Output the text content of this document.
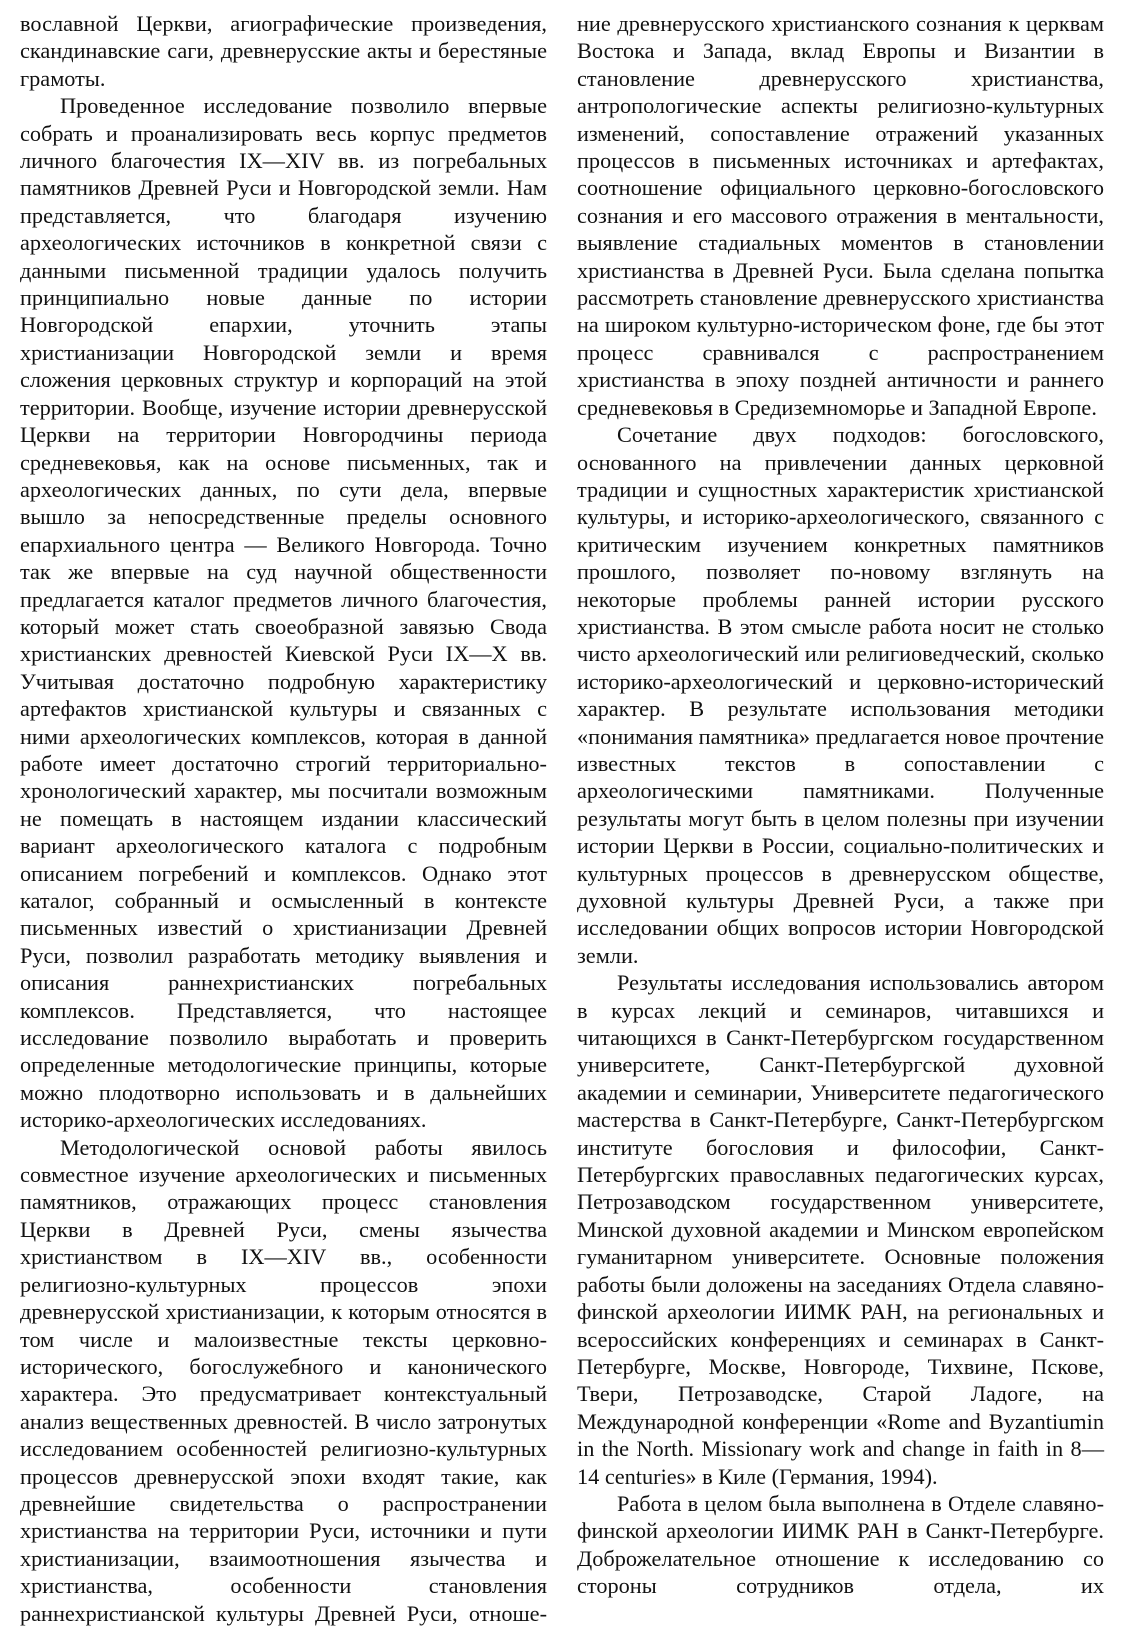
вославной Церкви, агиографические произведения, скандинавские саги, древнерусские акты и берестяные грамоты.

Проведенное исследование позволило впервые собрать и проанализировать весь корпус предметов личного благочестия IX—XIV вв. из погребальных памятников Древней Руси и Новгородской земли. Нам представляется, что благодаря изучению археологических источников в конкретной связи с данными письменной традиции удалось получить принципиально новые данные по истории Новгородской епархии, уточнить этапы христианизации Новгородской земли и время сложения церковных структур и корпораций на этой территории. Вообще, изучение истории древнерусской Церкви на территории Новгородчины периода средневековья, как на основе письменных, так и археологических данных, по сути дела, впервые вышло за непосредственные пределы основного епархиального центра — Великого Новгорода. Точно так же впервые на суд научной общественности предлагается каталог предметов личного благочестия, который может стать своеобразной завязью Свода христианских древностей Киевской Руси IX—X вв. Учитывая достаточно подробную характеристику артефактов христианской культуры и связанных с ними археологических комплексов, которая в данной работе имеет достаточно строгий территориально-хронологический характер, мы посчитали возможным не помещать в настоящем издании классический вариант археологического каталога с подробным описанием погребений и комплексов. Однако этот каталог, собранный и осмысленный в контексте письменных известий о христианизации Древней Руси, позволил разработать методику выявления и описания раннехристианских погребальных комплексов. Представляется, что настоящее исследование позволило выработать и проверить определенные методологические принципы, которые можно плодотворно использовать и в дальнейших историко-археологических исследованиях.

Методологической основой работы явилось совместное изучение археологических и письменных памятников, отражающих процесс становления Церкви в Древней Руси, смены язычества христианством в IX—XIV вв., особенности религиозно-культурных процессов эпохи древнерусской христианизации, к которым относятся в том числе и малоизвестные тексты церковно-исторического, богослужебного и канонического характера. Это предусматривает контекстуальный анализ вещественных древностей. В число затронутых исследованием особенностей религиозно-культурных процессов древнерусской эпохи входят такие, как древнейшие свидетельства о распространении христианства на территории Руси, источники и пути христианизации, взаимоотношения язычества и христианства, особенности становления раннехристианской культуры Древней Руси, отноше-

ние древнерусского христианского сознания к церквам Востока и Запада, вклад Европы и Византии в становление древнерусского христианства, антропологические аспекты религиозно-культурных изменений, сопоставление отражений указанных процессов в письменных источниках и артефактах, соотношение официального церковно-богословского сознания и его массового отражения в ментальности, выявление стадиальных моментов в становлении христианства в Древней Руси. Была сделана попытка рассмотреть становление древнерусского христианства на широком культурно-историческом фоне, где бы этот процесс сравнивался с распространением христианства в эпоху поздней античности и раннего средневековья в Средиземноморье и Западной Европе.

Сочетание двух подходов: богословского, основанного на привлечении данных церковной традиции и сущностных характеристик христианской культуры, и историко-археологического, связанного с критическим изучением конкретных памятников прошлого, позволяет по-новому взглянуть на некоторые проблемы ранней истории русского христианства. В этом смысле работа носит не столько чисто археологический или религиоведческий, сколько историко-археологический и церковно-исторический характер. В результате использования методики «понимания памятника» предлагается новое прочтение известных текстов в сопоставлении с археологическими памятниками. Полученные результаты могут быть в целом полезны при изучении истории Церкви в России, социально-политических и культурных процессов в древнерусском обществе, духовной культуры Древней Руси, а также при исследовании общих вопросов истории Новгородской земли.

Результаты исследования использовались автором в курсах лекций и семинаров, читавшихся и читающихся в Санкт-Петербургском государственном университете, Санкт-Петербургской духовной академии и семинарии, Университете педагогического мастерства в Санкт-Петербурге, Санкт-Петербургском институте богословия и философии, Санкт-Петербургских православных педагогических курсах, Петрозаводском государственном университете, Минской духовной академии и Минском европейском гуманитарном университете. Основные положения работы были доложены на заседаниях Отдела славяно-финской археологии ИИМК РАН, на региональных и всероссийских конференциях и семинарах в Санкт-Петербурге, Москве, Новгороде, Тихвине, Пскове, Твери, Петрозаводске, Старой Ладоге, на Международной конференции «Rome and Byzantiumin in the North. Missionary work and change in faith in 8—14 centuries» в Киле (Германия, 1994).

Работа в целом была выполнена в Отделе славяно-финской археологии ИИМК РАН в Санкт-Петербурге. Доброжелательное отношение к исследованию со стороны сотрудников отдела, их
